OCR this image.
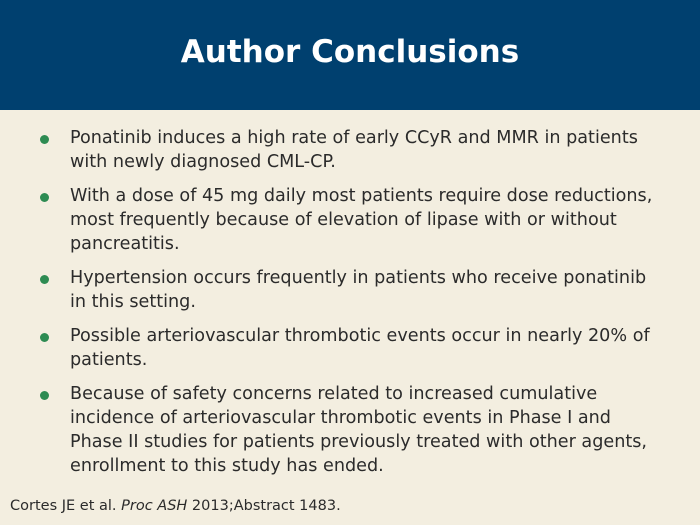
Author Conclusions
Ponatinib induces a high rate of early CCyR and MMR in patients with newly diagnosed CML-CP.
With a dose of 45 mg daily most patients require dose reductions, most frequently because of elevation of lipase with or without pancreatitis.
Hypertension occurs frequently in patients who receive ponatinib in this setting.
Possible arteriovascular thrombotic events occur in nearly 20% of patients.
Because of safety concerns related to increased cumulative incidence of arteriovascular thrombotic events in Phase I and Phase II studies for patients previously treated with other agents, enrollment to this study has ended.
Cortes JE et al. Proc ASH 2013;Abstract 1483.
